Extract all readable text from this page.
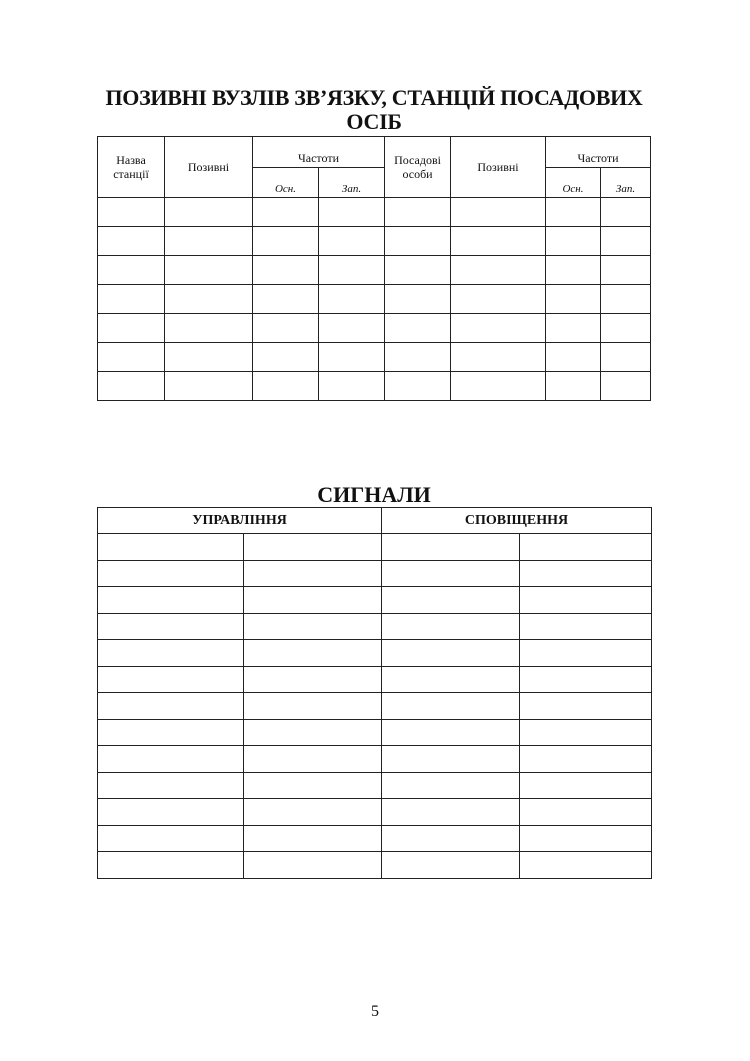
ПОЗИВНІ ВУЗЛІВ ЗВ’ЯЗКУ, СТАНЦІЙ ПОСАДОВИХ ОСІБ
Назва станції	Позивні	Частоти		Посадові особи	Позивні	Частоти	
		Осн.	Зап.			Осн.	Зап.

СИГНАЛИ
УПРАВЛІННЯ		СПОВІЩЕННЯ	

5
